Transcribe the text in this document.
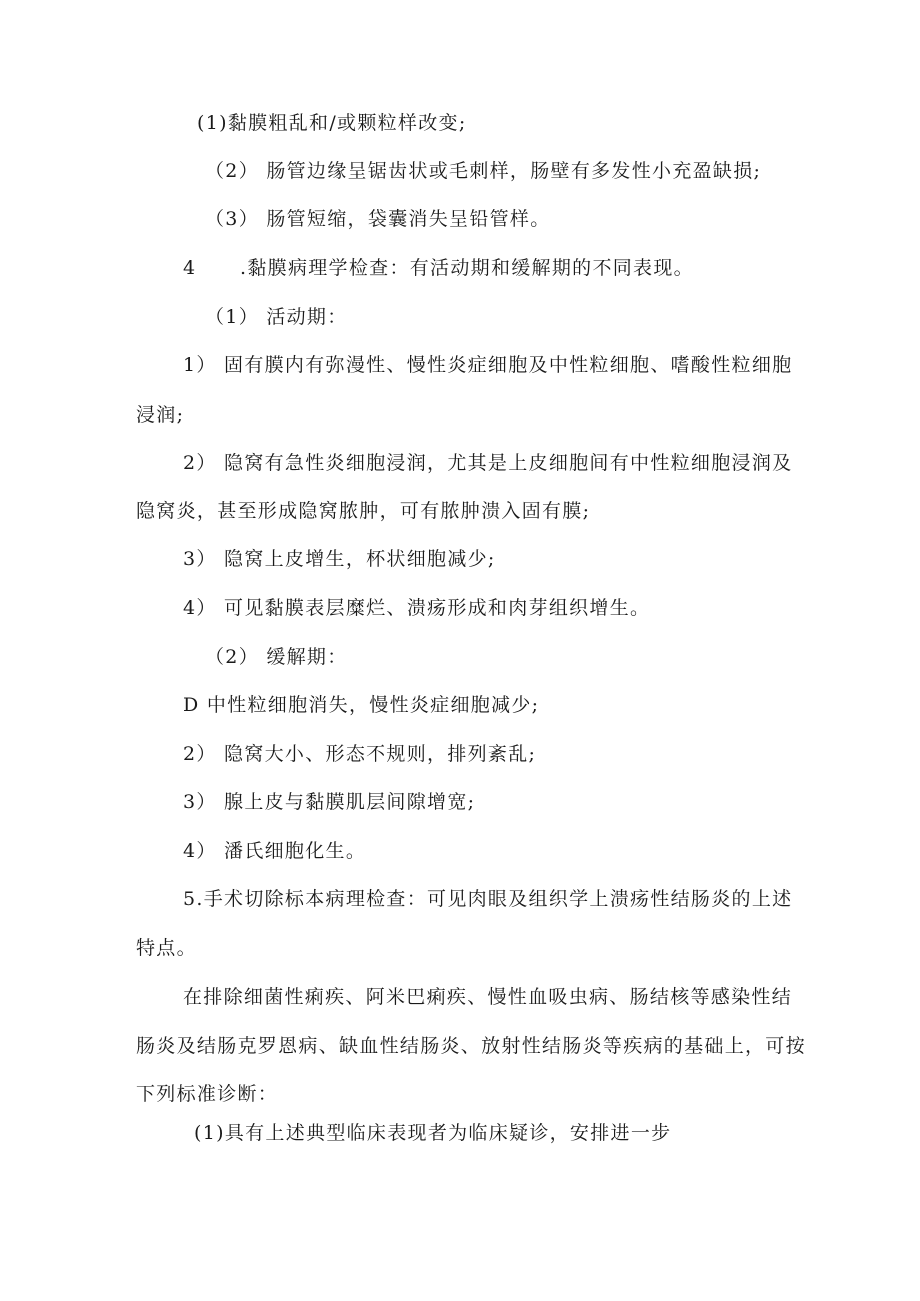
(1)黏膜粗乱和/或颗粒样改变;
（2） 肠管边缘呈锯齿状或毛刺样，肠壁有多发性小充盈缺损;
（3） 肠管短缩，袋囊消失呈铅管样。
4 .黏膜病理学检查：有活动期和缓解期的不同表现。
（1） 活动期：
1） 固有膜内有弥漫性、慢性炎症细胞及中性粒细胞、嗜酸性粒细胞
浸润;
2） 隐窝有急性炎细胞浸润，尤其是上皮细胞间有中性粒细胞浸润及
隐窝炎，甚至形成隐窝脓肿，可有脓肿溃入固有膜;
3） 隐窝上皮增生，杯状细胞减少;
4） 可见黏膜表层糜烂、溃疡形成和肉芽组织增生。
（2） 缓解期：
D 中性粒细胞消失，慢性炎症细胞减少;
2） 隐窝大小、形态不规则，排列紊乱;
3） 腺上皮与黏膜肌层间隙增宽;
4） 潘氏细胞化生。
5.手术切除标本病理检查：可见肉眼及组织学上溃疡性结肠炎的上述
特点。
在排除细菌性痢疾、阿米巴痢疾、慢性血吸虫病、肠结核等感染性结
肠炎及结肠克罗恩病、缺血性结肠炎、放射性结肠炎等疾病的基础上，可按
下列标准诊断：
(1)具有上述典型临床表现者为临床疑诊，安排进一步
